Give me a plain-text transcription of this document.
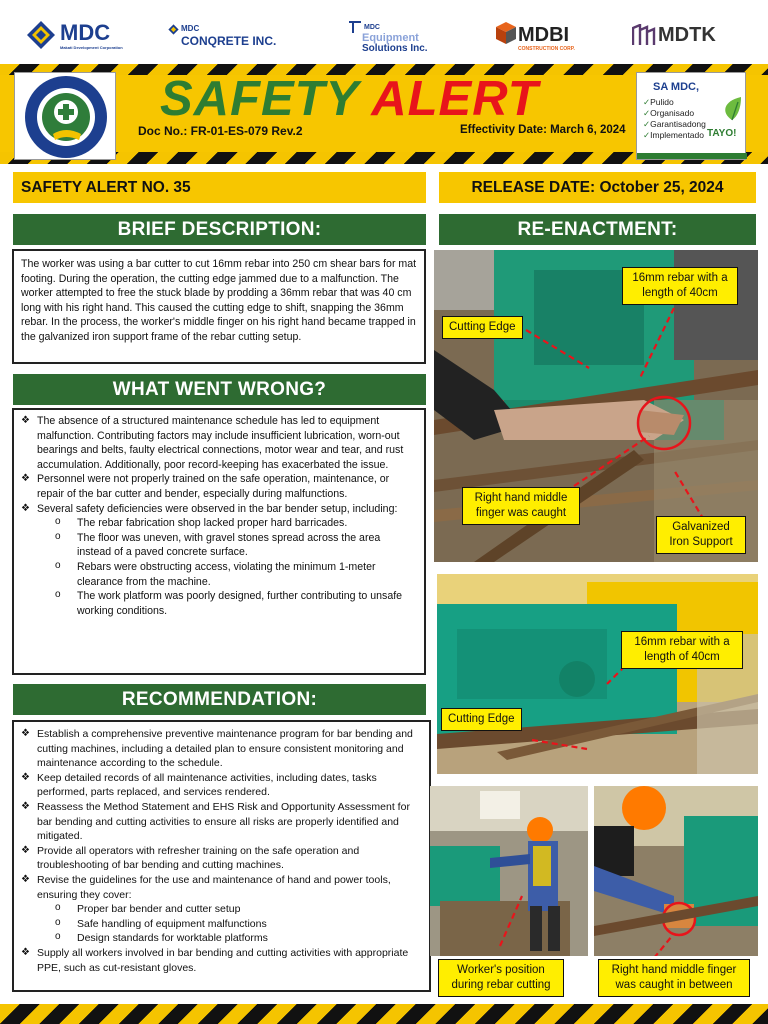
MDC
Makati Development Corporation
MDC
CONQRETE INC.
MDC
Equipment
Solutions Inc.
MDBI
CONSTRUCTION CORP.
MDTK
SAFETY ALERT
Doc No.: FR-01-ES-079 Rev.2	Effectivity Date: March 6, 2024
SA MDC,
✓Pulido
✓Organisado
✓Garantisadong
✓Implementado TAYO!
SAFETY ALERT NO. 35	RELEASE DATE: October 25, 2024
BRIEF DESCRIPTION:	RE-ENACTMENT:
The worker was using a bar cutter to cut 16mm rebar into 250 cm shear bars for mat footing. During the operation, the cutting edge jammed due to a malfunction. The worker attempted to free the stuck blade by prodding a 36mm rebar that was 40 cm long with his right hand. This caused the cutting edge to shift, snapping the 36mm rebar. In the process, the worker's middle finger on his right hand became trapped in the galvanized iron support frame of the rebar cutting setup.
WHAT WENT WRONG?
❖ The absence of a structured maintenance schedule has led to equipment malfunction. Contributing factors may include insufficient lubrication, worn-out bearings and belts, faulty electrical connections, motor wear and tear, and rust accumulation. Additionally, poor record-keeping has exacerbated the issue.
❖ Personnel were not properly trained on the safe operation, maintenance, or repair of the bar cutter and bender, especially during malfunctions.
❖ Several safety deficiencies were observed in the bar bender setup, including:
o The rebar fabrication shop lacked proper hard barricades.
o The floor was uneven, with gravel stones spread across the area instead of a paved concrete surface.
o Rebars were obstructing access, violating the minimum 1-meter clearance from the machine.
o The work platform was poorly designed, further contributing to unsafe working conditions.
RECOMMENDATION:
❖ Establish a comprehensive preventive maintenance program for bar bending and cutting machines, including a detailed plan to ensure consistent monitoring and maintenance according to the schedule.
❖ Keep detailed records of all maintenance activities, including dates, tasks performed, parts replaced, and services rendered.
❖ Reassess the Method Statement and EHS Risk and Opportunity Assessment for bar bending and cutting activities to ensure all risks are properly identified and mitigated.
❖ Provide all operators with refresher training on the safe operation and troubleshooting of bar bending and cutting machines.
❖ Revise the guidelines for the use and maintenance of hand and power tools, ensuring they cover:
o Proper bar bender and cutter setup
o Safe handling of equipment malfunctions
o Design standards for worktable platforms
❖ Supply all workers involved in bar bending and cutting activities with appropriate PPE, such as cut-resistant gloves.
16mm rebar with a length of 40cm
Cutting Edge
Right hand middle finger was caught
Galvanized Iron Support
16mm rebar with a length of 40cm
Cutting Edge
Worker's position during rebar cutting
Right hand middle finger was caught in between
